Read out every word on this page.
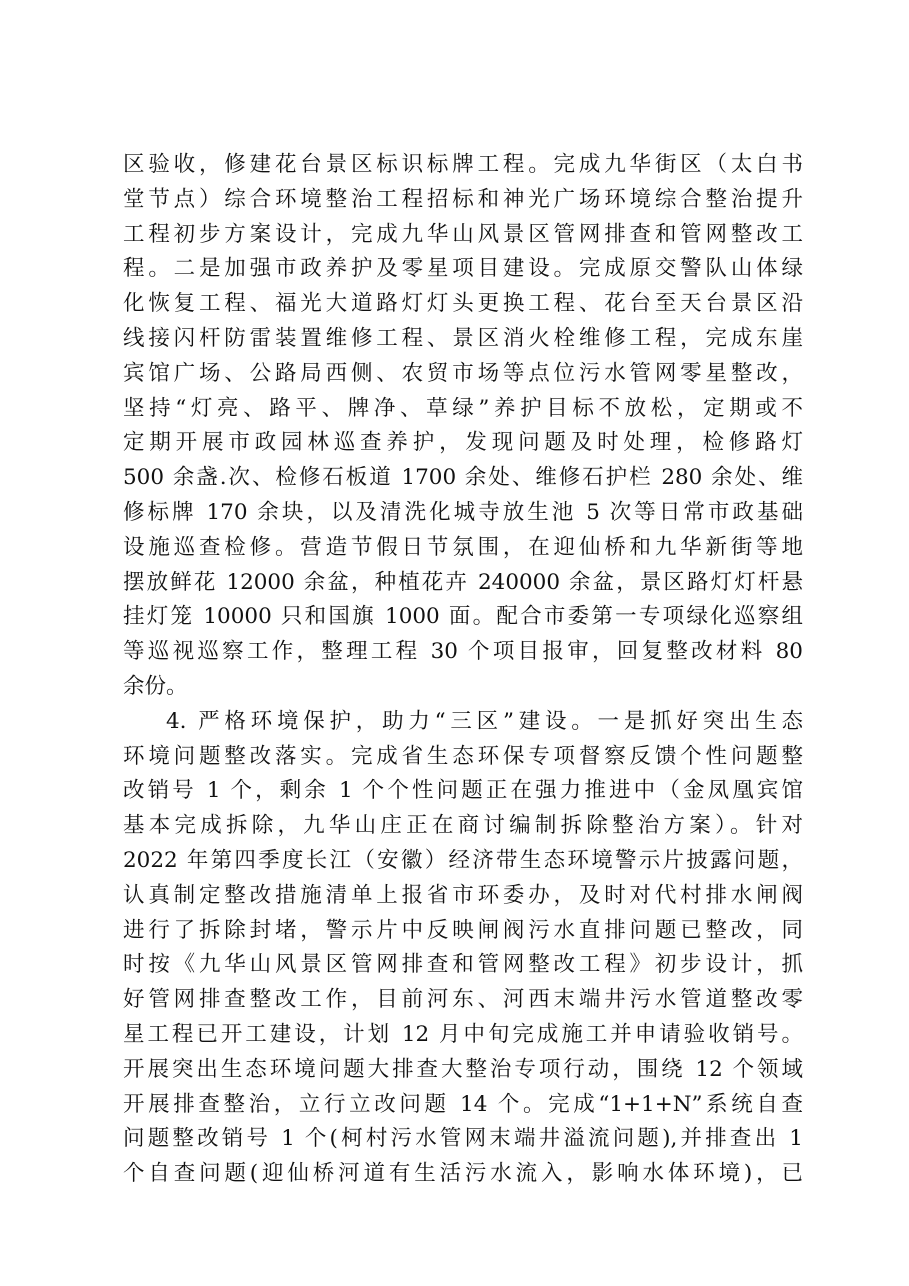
区验收，修建花台景区标识标牌工程。完成九华街区（太白书
堂节点）综合环境整治工程招标和神光广场环境综合整治提升
工程初步方案设计，完成九华山风景区管网排查和管网整改工
程。二是加强市政养护及零星项目建设。完成原交警队山体绿
化恢复工程、福光大道路灯灯头更换工程、花台至天台景区沿
线接闪杆防雷装置维修工程、景区消火栓维修工程，完成东崖
宾馆广场、公路局西侧、农贸市场等点位污水管网零星整改，
坚持“灯亮、路平、牌净、草绿”养护目标不放松，定期或不
定期开展市政园林巡查养护，发现问题及时处理，检修路灯
500 余盏.次、检修石板道 1700 余处、维修石护栏 280 余处、维
修标牌 170 余块，以及清洗化城寺放生池 5 次等日常市政基础
设施巡查检修。营造节假日节氛围，在迎仙桥和九华新街等地
摆放鲜花 12000 余盆，种植花卉 240000 余盆，景区路灯灯杆悬
挂灯笼 10000 只和国旗 1000 面。配合市委第一专项绿化巡察组
等巡视巡察工作，整理工程 30 个项目报审，回复整改材料 80
余份。
4. 严格环境保护，助力“三区”建设。一是抓好突出生态
环境问题整改落实。完成省生态环保专项督察反馈个性问题整
改销号 1 个，剩余 1 个个性问题正在强力推进中（金凤凰宾馆
基本完成拆除，九华山庄正在商讨编制拆除整治方案）。针对
2022 年第四季度长江（安徽）经济带生态环境警示片披露问题，
认真制定整改措施清单上报省市环委办，及时对代村排水闸阀
进行了拆除封堵，警示片中反映闸阀污水直排问题已整改，同
时按《九华山风景区管网排查和管网整改工程》初步设计，抓
好管网排查整改工作，目前河东、河西末端井污水管道整改零
星工程已开工建设，计划 12 月中旬完成施工并申请验收销号。
开展突出生态环境问题大排查大整治专项行动，围绕 12 个领域
开展排查整治，立行立改问题 14 个。完成“1+1+N”系统自查
问题整改销号 1 个(柯村污水管网末端井溢流问题),并排查出 1
个自查问题(迎仙桥河道有生活污水流入，影响水体环境)，已
